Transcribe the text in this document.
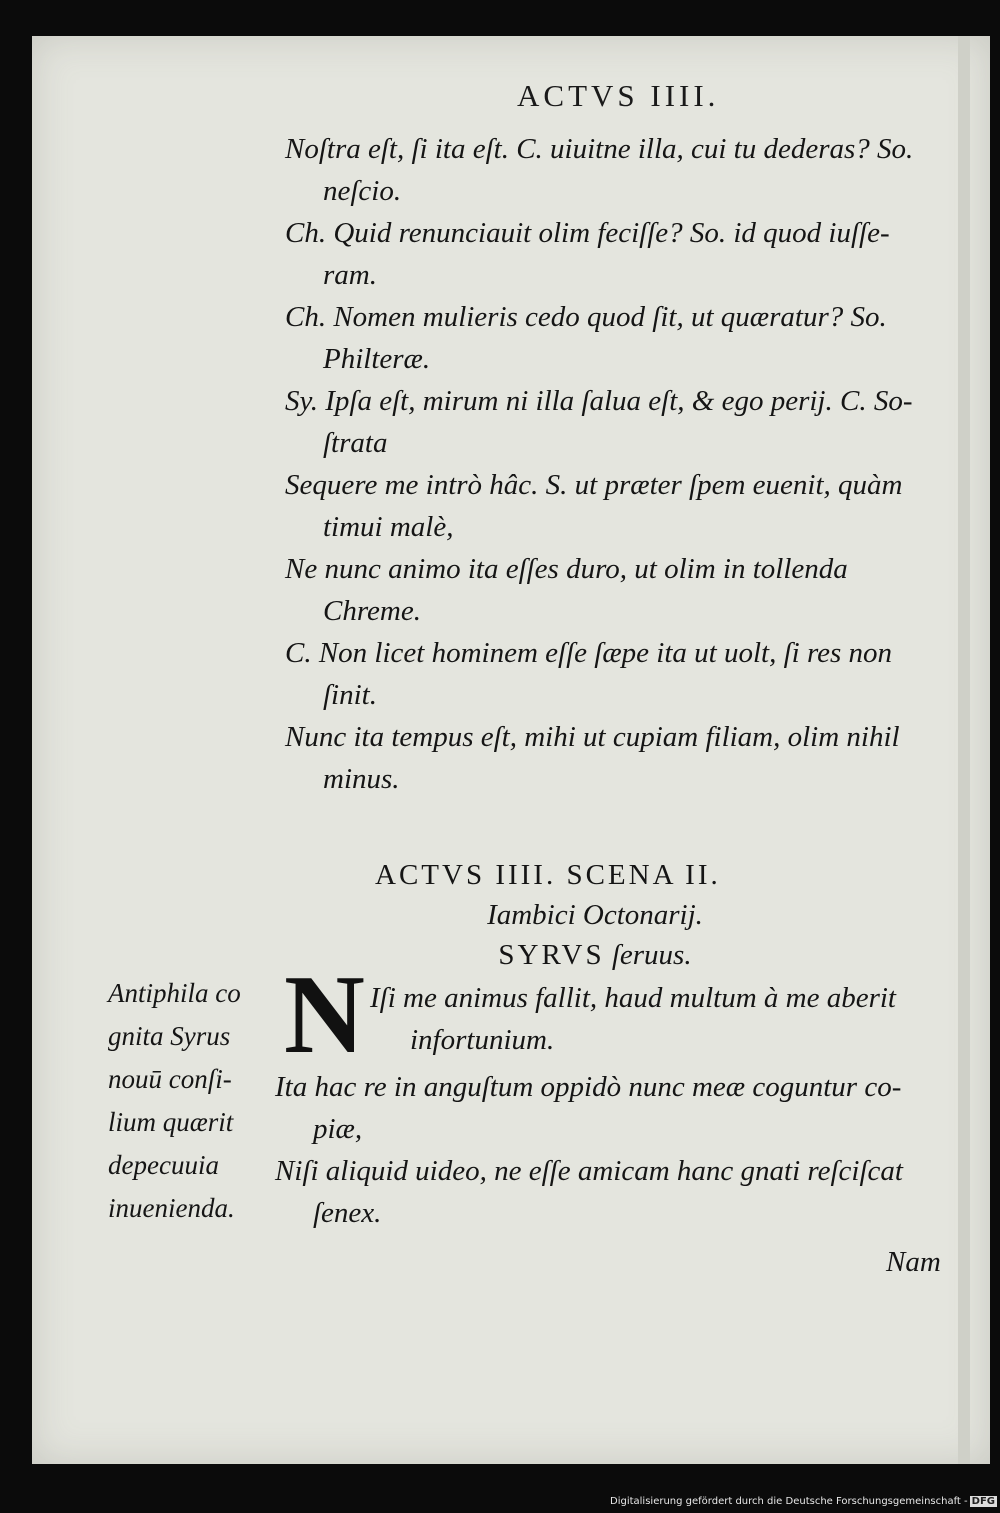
ACTVS IIII.
Noſtra eſt, ſi ita eſt. C. uiuitne illa, cui tu dederas? So.
neſcio.
Ch. Quid renunciauit olim feciſſe? So. id quod iuſſe-
ram.
Ch. Nomen mulieris cedo quod ſit, ut quæratur? So.
Philteræ.
Sy. Ipſa eſt, mirum ni illa ſalua eſt, & ego perij. C. So-
ſtrata
Sequere me intrò hâc. S. ut præter ſpem euenit, quàm
timui malè,
Ne nunc animo ita eſſes duro, ut olim in tollenda
Chreme.
C. Non licet hominem eſſe ſæpe ita ut uolt, ſi res non
ſinit.
Nunc ita tempus eſt, mihi ut cupiam filiam, olim nihil
minus.
ACTVS IIII. SCENA II.
Iambici Octonarij.
SYRVS ſeruus.
N Iſi me animus fallit, haud multum à me aberit
infortunium.
Ita hac re in anguſtum oppidò nunc meæ coguntur co-
piæ,
Niſi aliquid uideo, ne eſſe amicam hanc gnati reſciſcat
ſenex.
Antiphila co
gnita Syrus
nouū conſi-
lium quærit
depecuuia
inuenienda.
Nam
Digitalisierung gefördert durch die Deutsche Forschungsgemeinschaft - DFG
